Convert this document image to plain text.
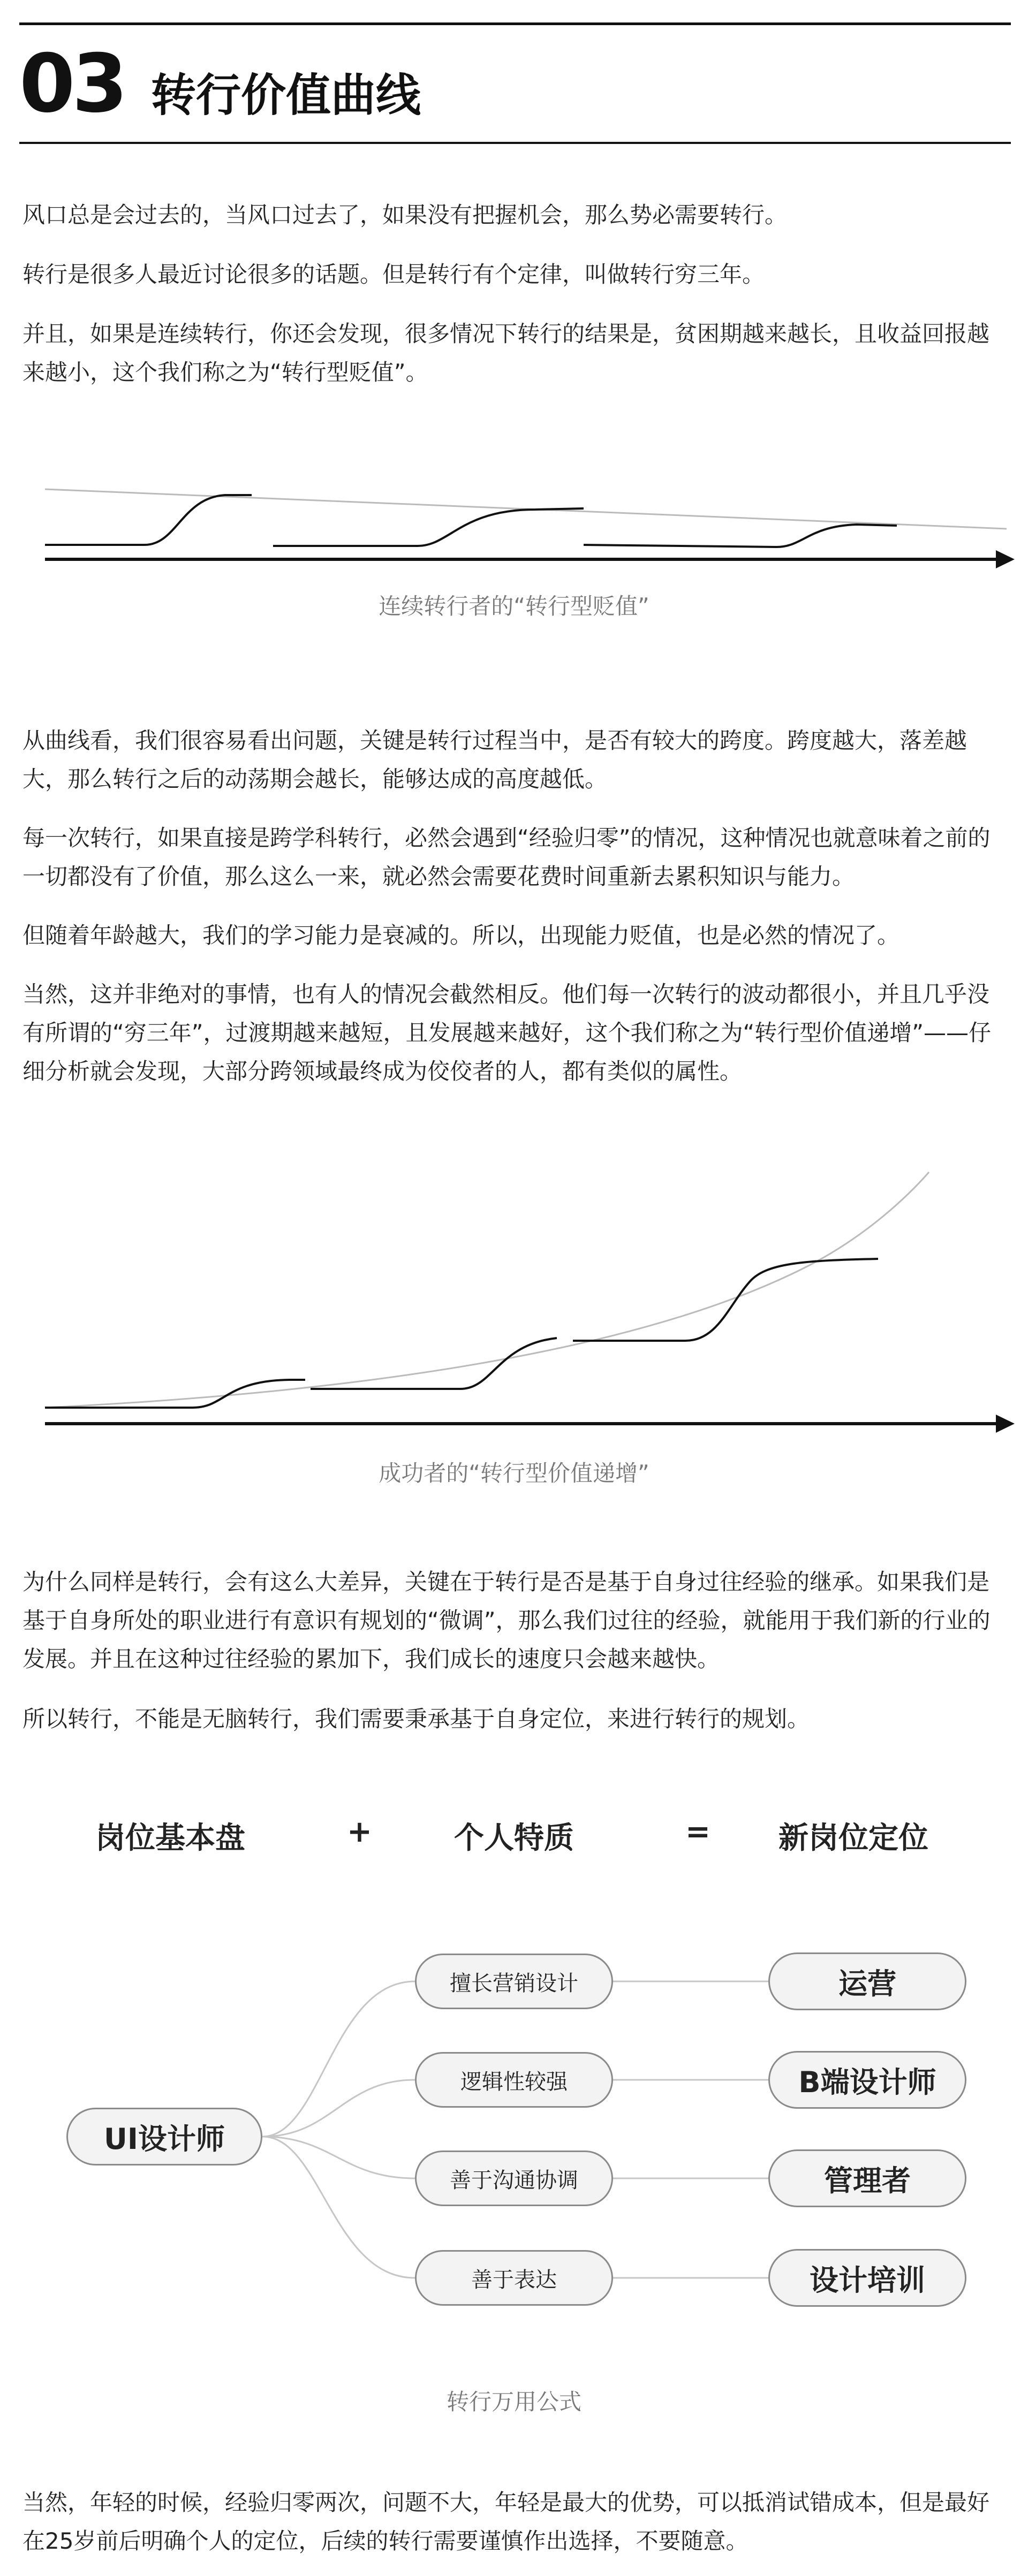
03 转行价值曲线

风口总是会过去的，当风口过去了，如果没有把握机会，那么势必需要转行。

转行是很多人最近讨论很多的话题。但是转行有个定律，叫做转行穷三年。

并且，如果是连续转行，你还会发现，很多情况下转行的结果是，贫困期越来越长，且收益回报越来越小，这个我们称之为“转行型贬值”。

连续转行者的“转行型贬值”

从曲线看，我们很容易看出问题，关键是转行过程当中，是否有较大的跨度。跨度越大，落差越大，那么转行之后的动荡期会越长，能够达成的高度越低。

每一次转行，如果直接是跨学科转行，必然会遇到“经验归零”的情况，这种情况也就意味着之前的一切都没有了价值，那么这么一来，就必然会需要花费时间重新去累积知识与能力。

但随着年龄越大，我们的学习能力是衰减的。所以，出现能力贬值，也是必然的情况了。

当然，这并非绝对的事情，也有人的情况会截然相反。他们每一次转行的波动都很小，并且几乎没有所谓的“穷三年”，过渡期越来越短，且发展越来越好，这个我们称之为“转行型价值递增”——仔细分析就会发现，大部分跨领域最终成为佼佼者的人，都有类似的属性。

成功者的“转行型价值递增”

为什么同样是转行，会有这么大差异，关键在于转行是否是基于自身过往经验的继承。如果我们是基于自身所处的职业进行有意识有规划的“微调”，那么我们过往的经验，就能用于我们新的行业的发展。并且在这种过往经验的累加下，我们成长的速度只会越来越快。

所以转行，不能是无脑转行，我们需要秉承基于自身定位，来进行转行的规划。

岗位基本盘	+	个人特质	= 新岗位定位
UI设计师
擅长营销设计
逻辑性较强
善于沟通协调
善于表达
运营
B端设计师
管理者
设计培训
转行万用公式

当然，年轻的时候，经验归零两次，问题不大，年轻是最大的优势，可以抵消试错成本，但是最好在25岁前后明确个人的定位，后续的转行需要谨慎作出选择，不要随意。
